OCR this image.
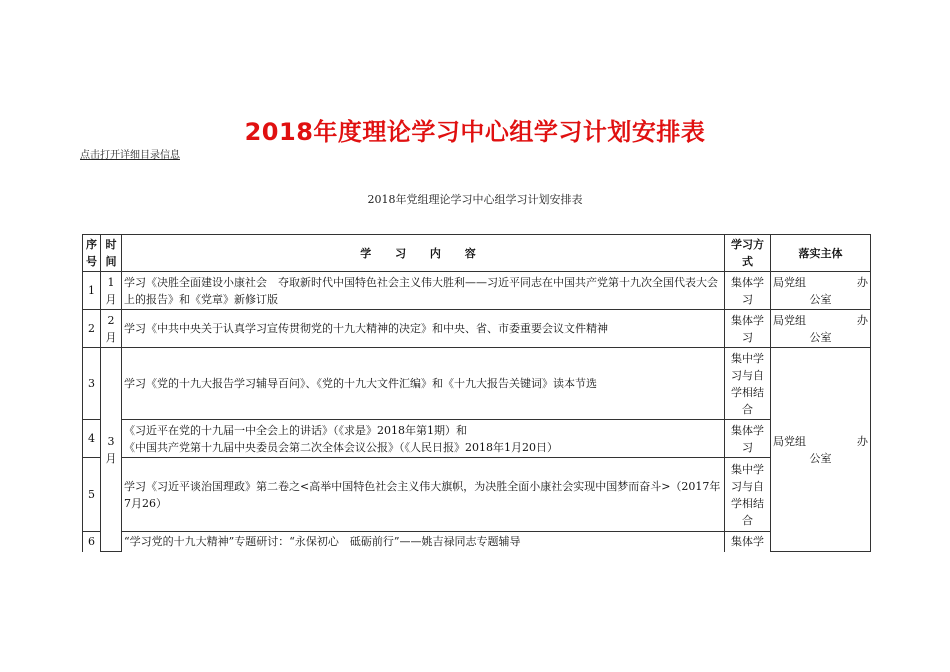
2018年度理论学习中心组学习计划安排表
点击打开详细目录信息
2018年党组理论学习中心组学习计划安排表
序号	时间	学 习 内 容	学习方式	落实主体
1	1月	学习《决胜全面建设小康社会　夺取新时代中国特色社会主义伟大胜利——习近平同志在中国共产党第十九次全国代表大会上的报告》和《党章》新修订版	集体学习	局党组 办
公室

2	2月	学习《中共中央关于认真学习宣传贯彻党的十九大精神的决定》和中央、省、市委重要会议文件精神	集体学习	局党组 办
公室

3	3月	学习《党的十九大报告学习辅导百问》、《党的十九大文件汇编》和《十九大报告关键词》读本节选	集中学习与自学相结合	局党组 办
公室

4		《习近平在党的十九届一中全会上的讲话》（《求是》2018年第1期）和
《中国共产党第十九届中央委员会第二次全体会议公报》（《人民日报》2018年1月20日）	集体学习	
5		学习《习近平谈治国理政》第二卷之<高举中国特色社会主义伟大旗帜，为决胜全面小康社会实现中国梦而奋斗>（2017年7月26）	集中学习与自学相结合	
6		“学习党的十九大精神”专题研讨：“永保初心　砥砺前行”——姚吉禄同志专题辅导	集体学	
